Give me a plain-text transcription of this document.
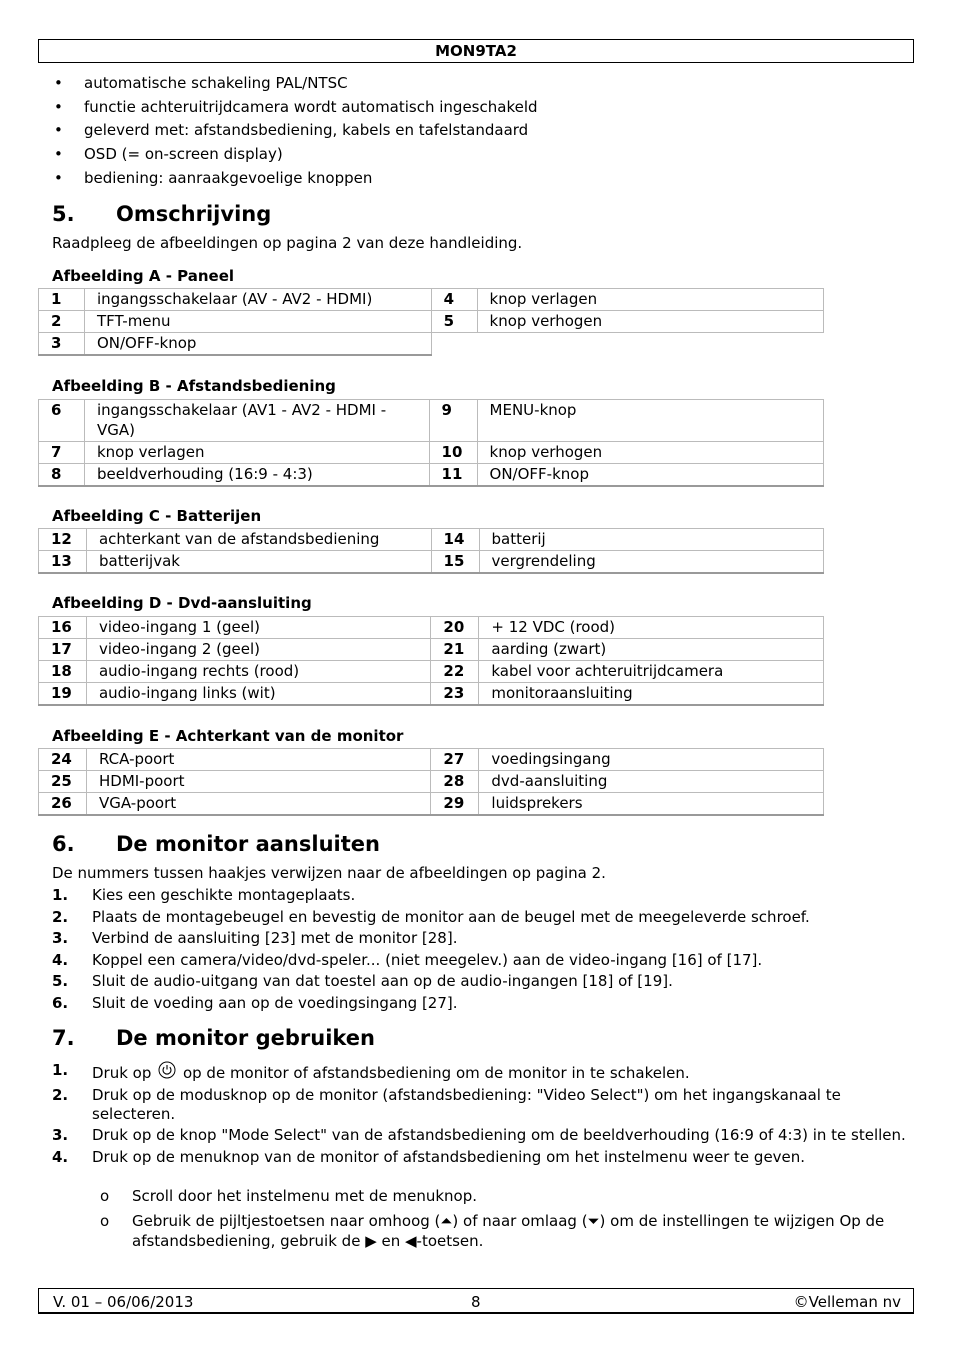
MON9TA2
• automatische schakeling PAL/NTSC
• functie achteruitrijdcamera wordt automatisch ingeschakeld
• geleverd met: afstandsbediening, kabels en tafelstandaard
• OSD (= on-screen display)
• bediening: aanraakgevoelige knoppen
5. Omschrijving

Raadpleeg de afbeeldingen op pagina 2 van deze handleiding.

Afbeelding A - Paneel
1	ingangsschakelaar (AV - AV2 - HDMI)	4	knop verlagen
2	TFT-menu	5	knop verhogen
3	ON/OFF-knop		
Afbeelding B - Afstandsbediening
6	ingangsschakelaar (AV1 - AV2 - HDMI - VGA)	9	MENU-knop
7	knop verlagen	10	knop verhogen
8	beeldverhouding (16:9 - 4:3)	11	ON/OFF-knop
Afbeelding C - Batterijen
12	achterkant van de afstandsbediening	14	batterij
13	batterijvak	15	vergrendeling
Afbeelding D - Dvd-aansluiting
16	video-ingang 1 (geel)	20	+ 12 VDC (rood)
17	video-ingang 2 (geel)	21	aarding (zwart)
18	audio-ingang rechts (rood)	22	kabel voor achteruitrijdcamera
19	audio-ingang links (wit)	23	monitoraansluiting
Afbeelding E - Achterkant van de monitor
24	RCA-poort	27	voedingsingang
25	HDMI-poort	28	dvd-aansluiting
26	VGA-poort	29	luidsprekers
6. De monitor aansluiten

De nummers tussen haakjes verwijzen naar de afbeeldingen op pagina 2.

1. Kies een geschikte montageplaats.
2. Plaats de montagebeugel en bevestig de monitor aan de beugel met de meegeleverde schroef.
3. Verbind de aansluiting [23] met de monitor [28].
4. Koppel een camera/video/dvd-speler... (niet meegelev.) aan de video-ingang [16] of [17].
5. Sluit de audio-uitgang van dat toestel aan op de audio-ingangen [18] of [19].
6. Sluit de voeding aan op de voedingsingang [27].
7. De monitor gebruiken
1. Druk op op de monitor of afstandsbediening om de monitor in te schakelen.
2. Druk op de modusknop op de monitor (afstandsbediening: "Video Select") om het ingangskanaal te selecteren.
3. Druk op de knop "Mode Select" van de afstandsbediening om de beeldverhouding (16:9 of 4:3) in te stellen.
4. Druk op de menuknop van de monitor of afstandsbediening om het instelmenu weer te geven.
o Scroll door het instelmenu met de menuknop.
o Gebruik de pijltjestoetsen naar omhoog (⏶) of naar omlaag (⏷) om de instellingen te wijzigen Op de afstandsbediening, gebruik de ▶ en ◀-toetsen.
V. 01 – 06/06/2013	8	©Velleman nv
